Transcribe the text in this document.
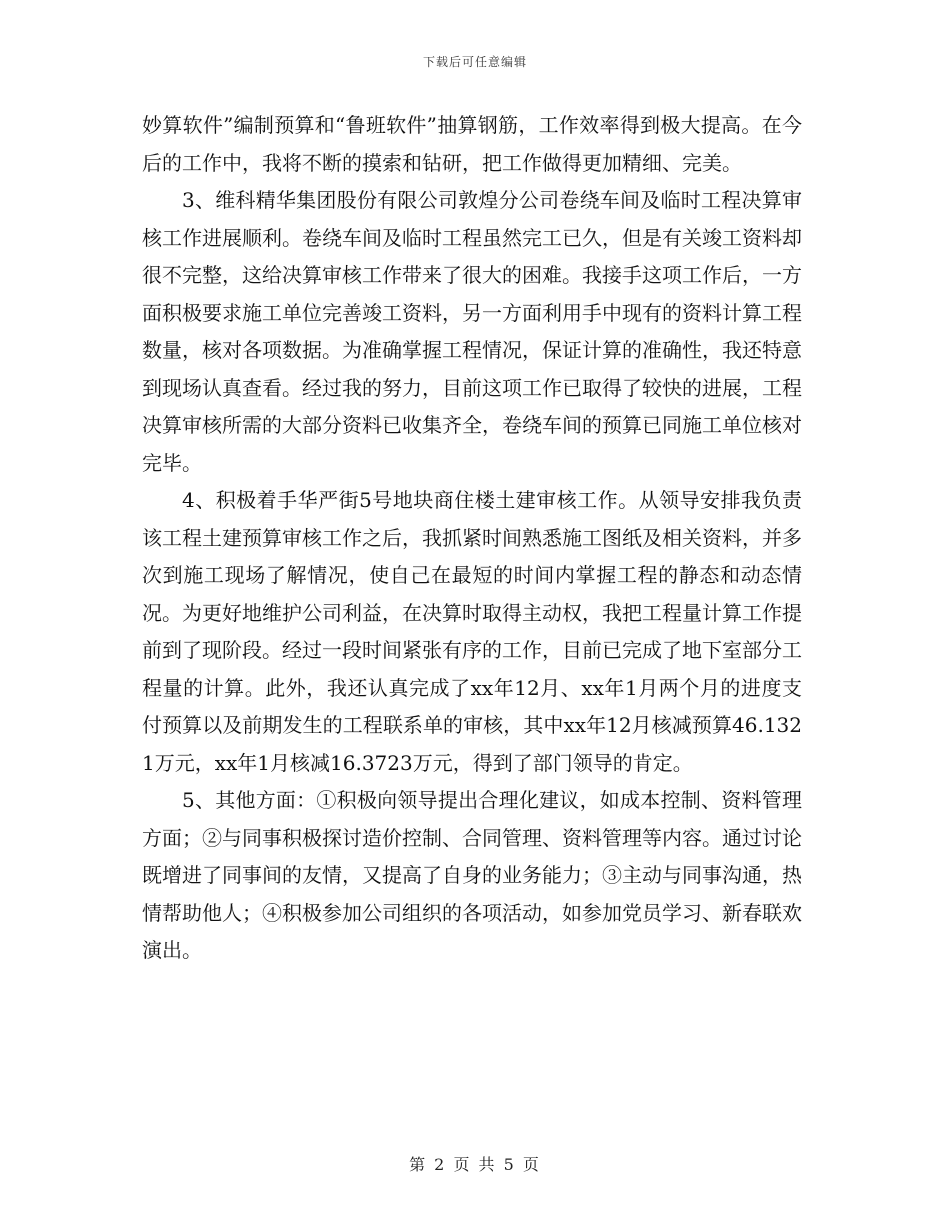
下载后可任意编辑

妙算软件”编制预算和“鲁班软件”抽算钢筋，工作效率得到极大提高。在今后的工作中，我将不断的摸索和钻研，把工作做得更加精细、完美。

3、维科精华集团股份有限公司敦煌分公司卷绕车间及临时工程决算审核工作进展顺利。卷绕车间及临时工程虽然完工已久，但是有关竣工资料却很不完整，这给决算审核工作带来了很大的困难。我接手这项工作后，一方面积极要求施工单位完善竣工资料，另一方面利用手中现有的资料计算工程数量，核对各项数据。为准确掌握工程情况，保证计算的准确性，我还特意到现场认真查看。经过我的努力，目前这项工作已取得了较快的进展，工程决算审核所需的大部分资料已收集齐全，卷绕车间的预算已同施工单位核对完毕。

4、积极着手华严街5号地块商住楼土建审核工作。从领导安排我负责该工程土建预算审核工作之后，我抓紧时间熟悉施工图纸及相关资料，并多次到施工现场了解情况，使自己在最短的时间内掌握工程的静态和动态情况。为更好地维护公司利益，在决算时取得主动权，我把工程量计算工作提前到了现阶段。经过一段时间紧张有序的工作，目前已完成了地下室部分工程量的计算。此外，我还认真完成了xx年12月、xx年1月两个月的进度支付预算以及前期发生的工程联系单的审核，其中xx年12月核减预算46.1321万元，xx年1月核减16.3723万元，得到了部门领导的肯定。

5、其他方面：①积极向领导提出合理化建议，如成本控制、资料管理方面；②与同事积极探讨造价控制、合同管理、资料管理等内容。通过讨论既增进了同事间的友情，又提高了自身的业务能力；③主动与同事沟通，热情帮助他人；④积极参加公司组织的各项活动，如参加党员学习、新春联欢演出。

第 2 页 共 5 页
